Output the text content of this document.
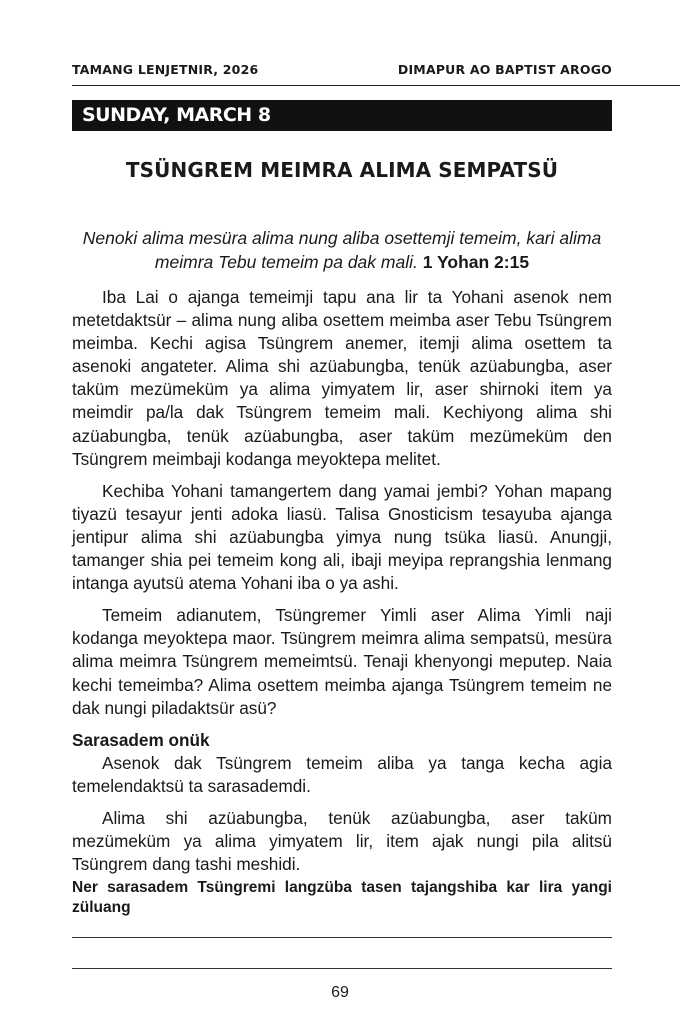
TAMANG LENJETNIR, 2026	DIMAPUR AO BAPTIST AROGO
SUNDAY, MARCH 8
TSÜNGREM MEIMRA ALIMA SEMPATSÜ
Nenoki alima mesüra alima nung aliba osettemji temeim, kari alima meimra Tebu temeim pa dak mali. 1 Yohan 2:15

Iba Lai o ajanga temeimji tapu ana lir ta Yohani asenok nem metetdaktsür – alima nung aliba osettem meimba aser Tebu Tsüngrem meimba. Kechi agisa Tsüngrem anemer, itemji alima osettem ta asenoki angateter. Alima shi azüabungba, tenük azüabungba, aser taküm mezümeküm ya alima yimyatem lir, aser shirnoki item ya meimdir pa/la dak Tsüngrem temeim mali. Kechiyong alima shi azüabungba, tenük azüabungba, aser taküm mezümeküm den Tsüngrem meimbaji kodanga meyoktepa melitet.

Kechiba Yohani tamangertem dang yamai jembi? Yohan mapang tiyazü tesayur jenti adoka liasü. Talisa Gnosticism tesayuba ajanga jentipur alima shi azüabungba yimya nung tsüka liasü. Anungji, tamanger shia pei temeim kong ali, ibaji meyipa reprangshia lenmang intanga ayutsü atema Yohani iba o ya ashi.

Temeim adianutem, Tsüngremer Yimli aser Alima Yimli naji kodanga meyoktepa maor. Tsüngrem meimra alima sempatsü, mesüra alima meimra Tsüngrem memeimtsü. Tenaji khenyongi meputep. Naia kechi temeimba? Alima osettem meimba ajanga Tsüngrem temeim ne dak nungi piladaktsür asü?

Sarasadem onük

Asenok dak Tsüngrem temeim aliba ya tanga kecha agia temelendaktsü ta sarasademdi.

Alima shi azüabungba, tenük azüabungba, aser taküm mezümeküm ya alima yimyatem lir, item ajak nungi pila alitsü Tsüngrem dang tashi meshidi.

Ner sarasadem Tsüngremi langzüba tasen tajangshiba kar lira yangi züluang
69
